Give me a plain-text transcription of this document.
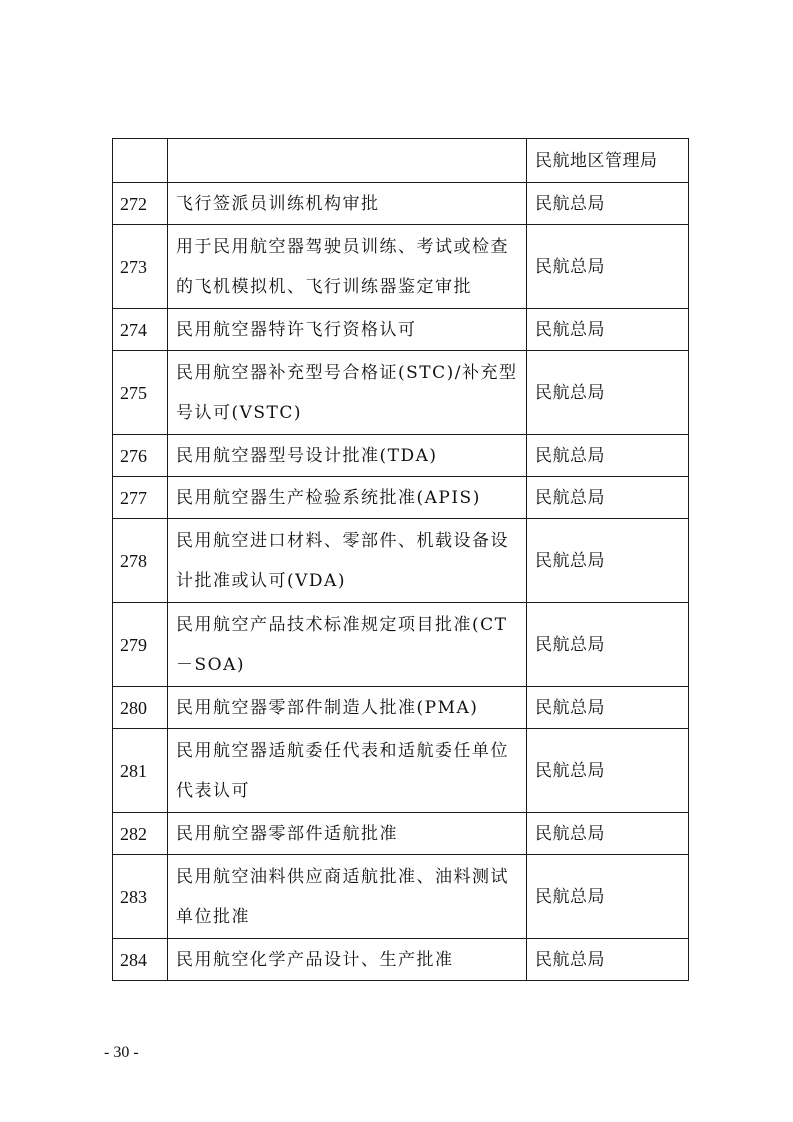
		民航地区管理局
272	飞行签派员训练机构审批	民航总局
273	用于民用航空器驾驶员训练、考试或检查的飞机模拟机、飞行训练器鉴定审批	民航总局
274	民用航空器特许飞行资格认可	民航总局
275	民用航空器补充型号合格证(STC)/补充型号认可(VSTC)	民航总局
276	民用航空器型号设计批准(TDA)	民航总局
277	民用航空器生产检验系统批准(APIS)	民航总局
278	民用航空进口材料、零部件、机载设备设计批准或认可(VDA)	民航总局
279	民用航空产品技术标准规定项目批准(CT－SOA)	民航总局
280	民用航空器零部件制造人批准(PMA)	民航总局
281	民用航空器适航委任代表和适航委任单位代表认可	民航总局
282	民用航空器零部件适航批准	民航总局
283	民用航空油料供应商适航批准、油料测试单位批准	民航总局
284	民用航空化学产品设计、生产批准	民航总局
- 30 -
